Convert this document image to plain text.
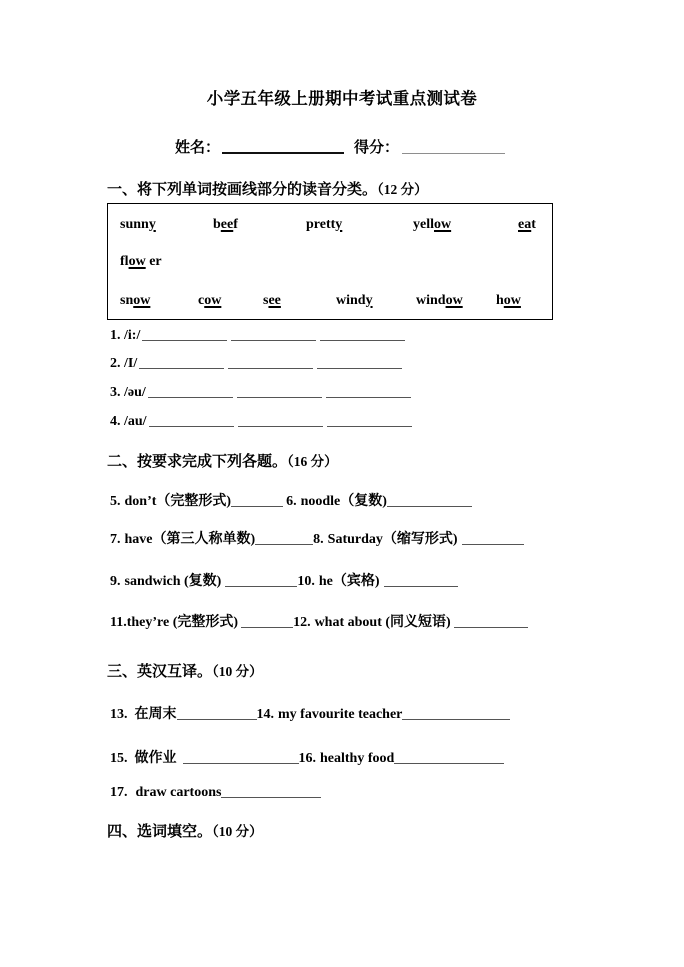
小学五年级上册期中考试重点测试卷
姓名：	得分：
一、将下列单词按画线部分的读音分类。（12 分）
sunny	beef	pretty	yellow	eat
flow er
snow	cow	see	windy	window how
1. /i:/
2. /I/
3. /əu/
4. /au/
二、按要求完成下列各题。（16 分）
5. don’t（完整形式)	6. noodle（复数)
7. have（第三人称单数)	8. Saturday（缩写形式)
9. sandwich (复数)	10. he（宾格)
11. they’re (完整形式)	12. what about (同义短语)
三、英汉互译。（10 分）
13. 在周末	14. my favourite teacher
15. 做作业	16. healthy food
17. draw cartoons
四、选词填空。（10 分）
